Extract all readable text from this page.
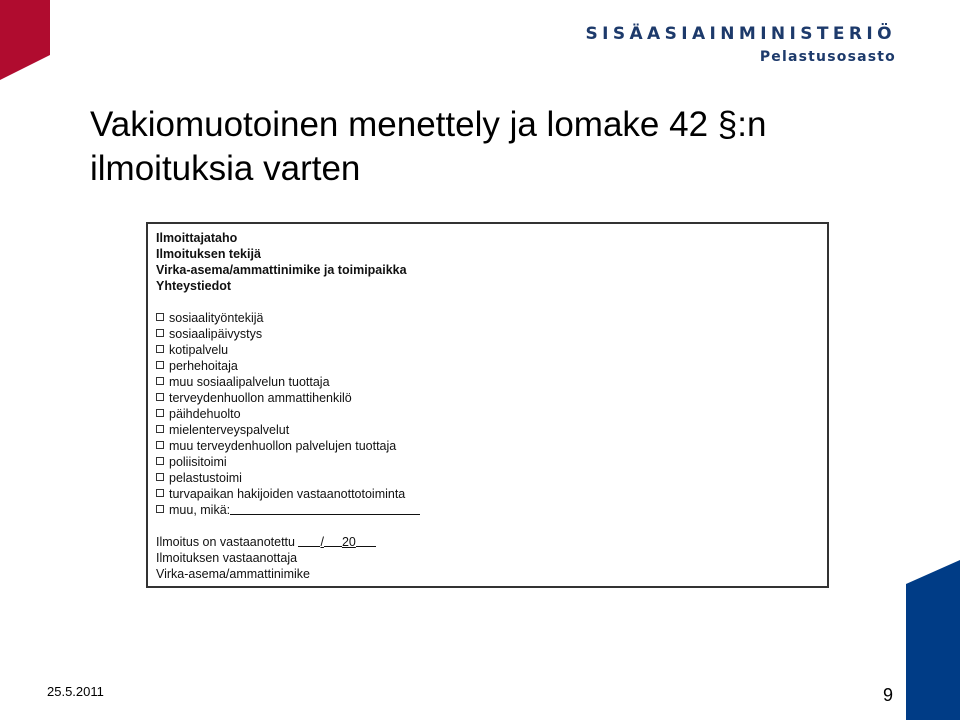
SISÄASIAINMINISTERIÖ
Pelastusosasto
Vakiomuotoinen menettely ja lomake 42 §:n
ilmoituksia varten
Ilmoittajataho
Ilmoituksen tekijä
Virka-asema/ammattinimike ja toimipaikka
Yhteystiedot
sosiaalityöntekijä
sosiaalipäivystys
kotipalvelu
perhehoitaja
muu sosiaalipalvelun tuottaja
terveydenhuollon ammattihenkilö
päihdehuolto
mielenterveyspalvelut
muu terveydenhuollon palvelujen tuottaja
poliisitoimi
pelastustoimi
turvapaikan hakijoiden vastaanottotoiminta
muu, mikä:
Ilmoitus on vastaanotettu / 20
Ilmoituksen vastaanottaja
Virka-asema/ammattinimike
25.5.2011	9
